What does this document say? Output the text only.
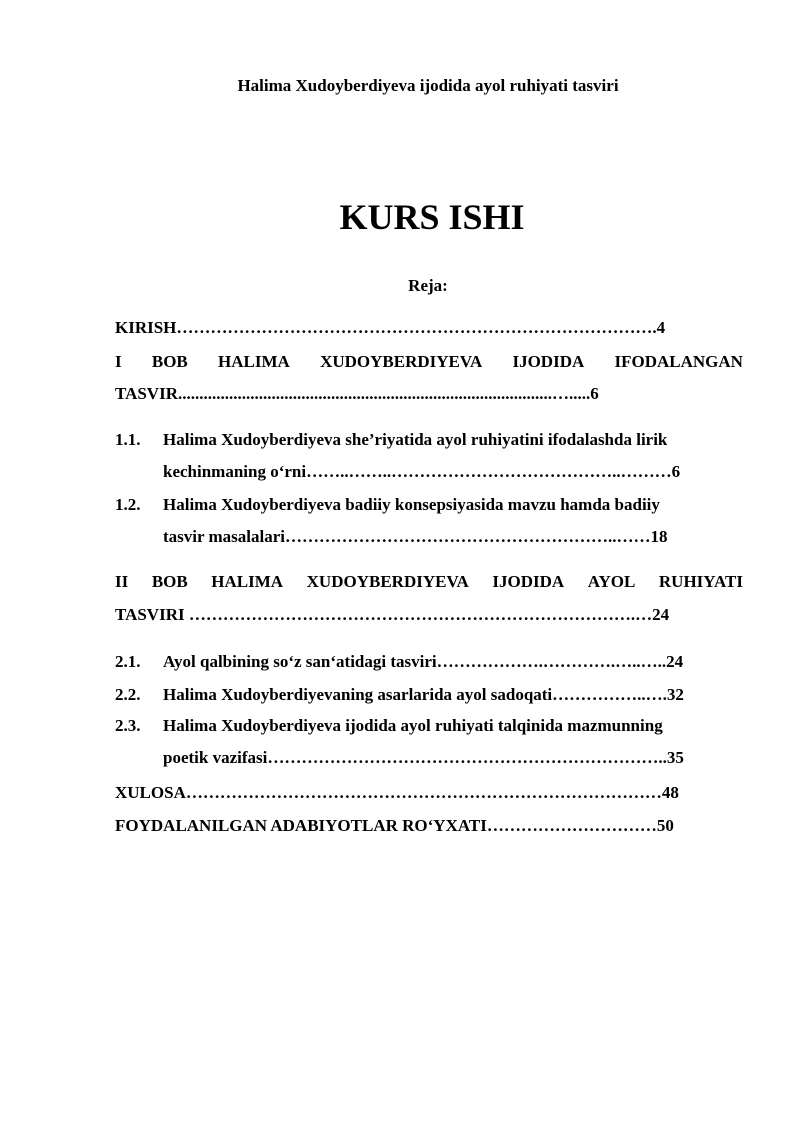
Halima Xudoyberdiyeva ijodida ayol ruhiyati tasviri
KURS ISHI
Reja:
KIRISH………………………………………………………………………….4
I BOB HALIMA XUDOYBERDIYEVA IJODIDA IFODALANGAN
TASVIR........................................................................................….....6
1.1. Halima Xudoyberdiyeva she’riyatida ayol ruhiyatini ifodalashda lirik
kechinmaning o‘rni……..……..…………………………………..………6
1.2. Halima Xudoyberdiyeva badiiy konsepsiyasida mavzu hamda badiiy
tasvir masalalari…………………………………………………..……18
II BOB HALIMA XUDOYBERDIYEVA IJODIDA AYOL RUHIYATI
TASVIRI …………………………………………………………………….…24
2.1. Ayol qalbining so‘z san‘atidagi tasviri……………….………….…..…..24
2.2. Halima Xudoyberdiyevaning asarlarida ayol sadoqati……………..….32
2.3. Halima Xudoyberdiyeva ijodida ayol ruhiyati talqinida mazmunning
poetik vazifasi……………………………………………………………..35
XULOSA…………………………………………………………………………48
FOYDALANILGAN ADABIYOTLAR RO‘YXATI…………………………50
